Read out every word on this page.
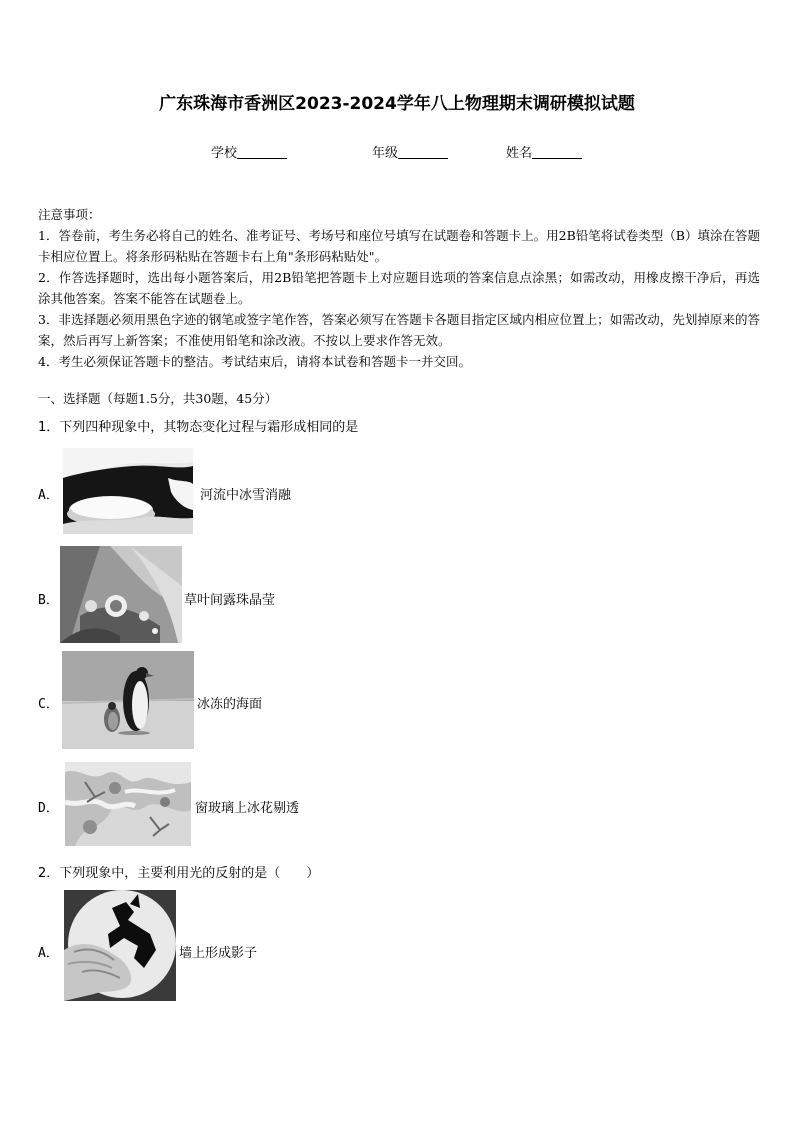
广东珠海市香洲区2023-2024学年八上物理期末调研模拟试题
学校	年级	姓名

注意事项：

1．答卷前，考生务必将自己的姓名、准考证号、考场号和座位号填写在试题卷和答题卡上。用2B铅笔将试卷类型（B）填涂在答题卡相应位置上。将条形码粘贴在答题卡右上角"条形码粘贴处"。

2．作答选择题时，选出每小题答案后，用2B铅笔把答题卡上对应题目选项的答案信息点涂黑；如需改动，用橡皮擦干净后，再选涂其他答案。答案不能答在试题卷上。

3．非选择题必须用黑色字迹的钢笔或签字笔作答，答案必须写在答题卡各题目指定区域内相应位置上；如需改动，先划掉原来的答案，然后再写上新答案；不准使用铅笔和涂改液。不按以上要求作答无效。

4．考生必须保证答题卡的整洁。考试结束后，请将本试卷和答题卡一并交回。

一、选择题（每题1.5分，共30题，45分）
1．下列四种现象中，其物态变化过程与霜形成相同的是
A．	河流中冰雪消融
B．	草叶间露珠晶莹
C．	冰冻的海面
D．	窗玻璃上冰花剔透
2．下列现象中，主要利用光的反射的是（　　）
A．	墙上形成影子
